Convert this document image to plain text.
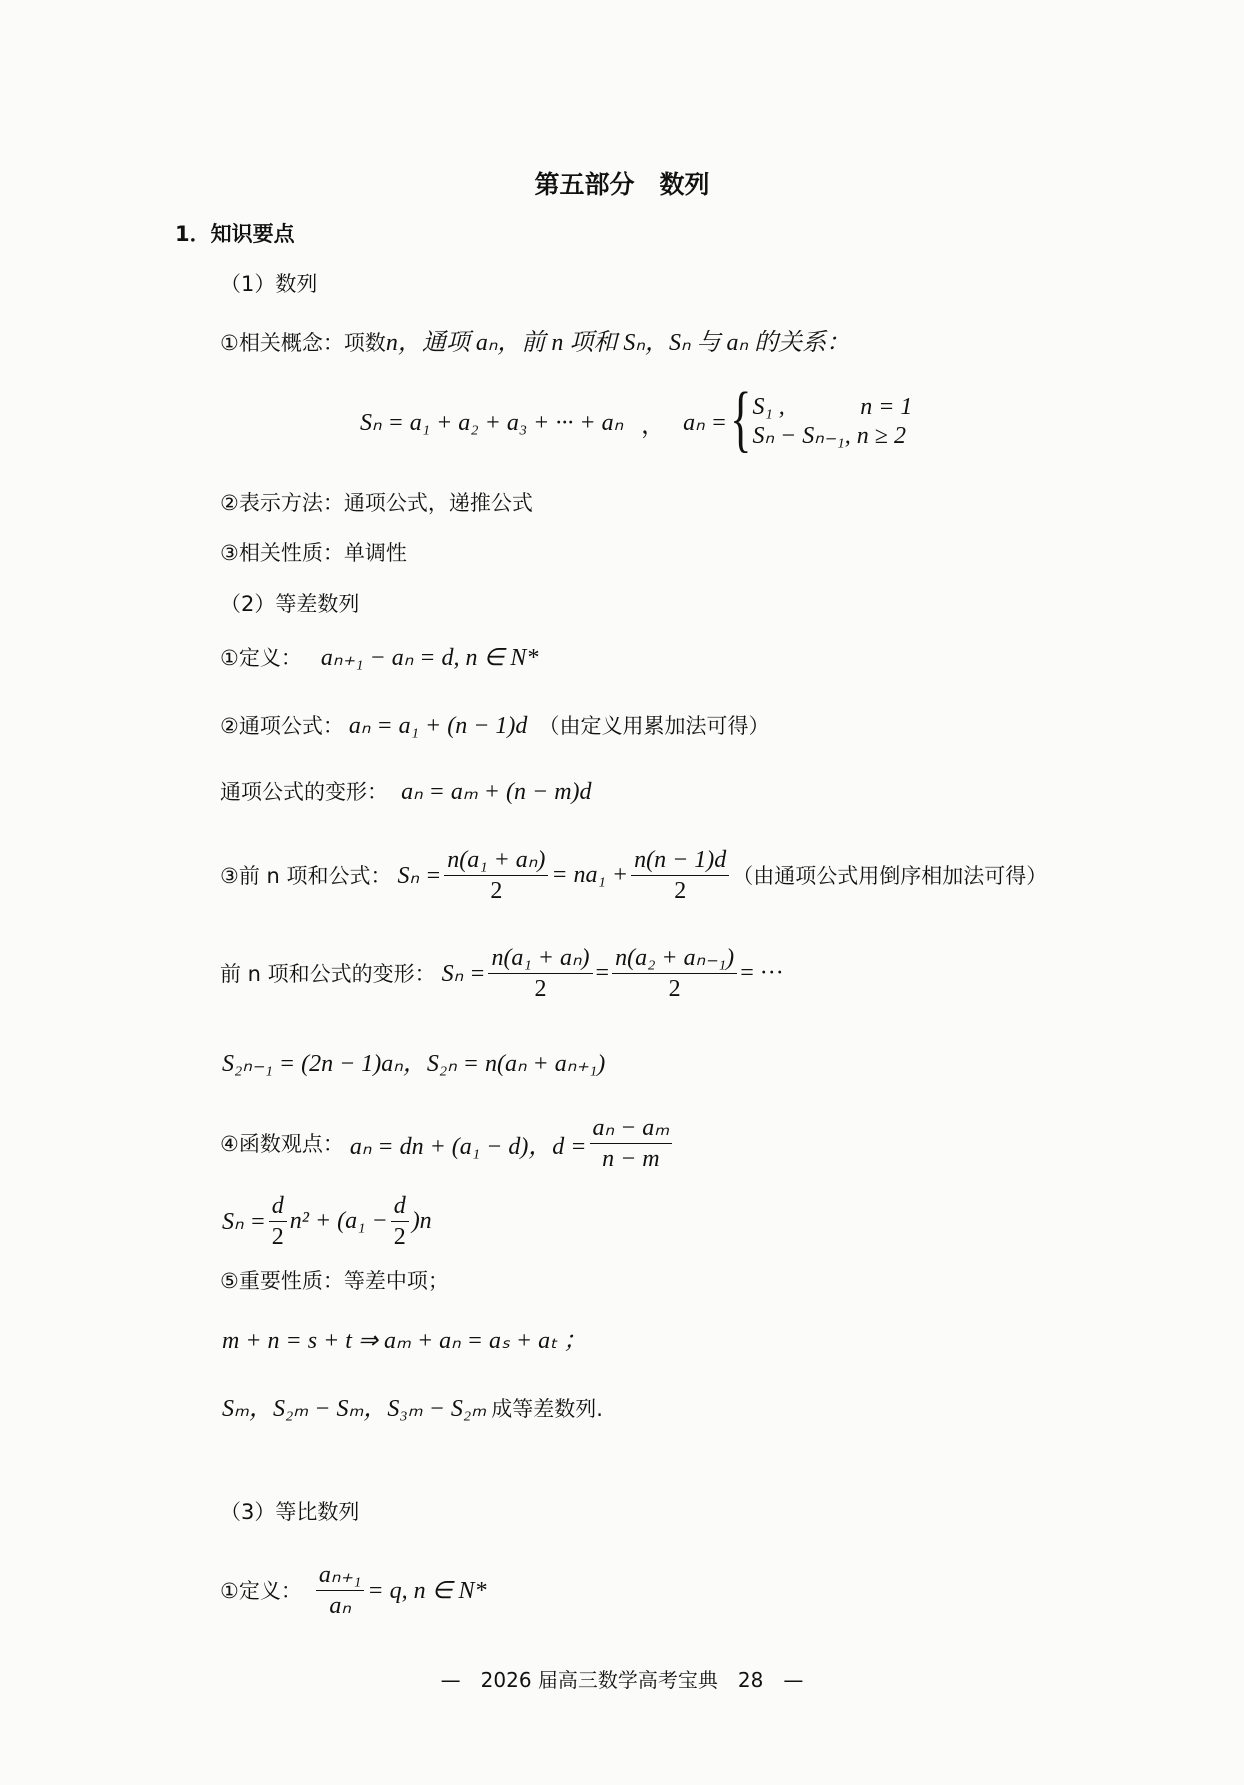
第五部分　数列
1．知识要点
（1）数列
①相关概念：项数n，通项 aₙ，前 n 项和 Sₙ，Sₙ 与 aₙ 的关系：
Sₙ = a₁ + a₂ + a₃ + ··· + aₙ ， aₙ = { S₁ ,	n = 1
Sₙ − Sₙ₋₁, n ≥ 2
②表示方法：通项公式，递推公式
③相关性质：单调性
（2）等差数列
①定义： aₙ₊₁ − aₙ = d, n ∈ N*
②通项公式： aₙ = a₁ + (n − 1)d （由定义用累加法可得）
通项公式的变形： aₙ = aₘ + (n − m)d
③前 n 项和公式： $S_n = \frac{\text{n(a₁ + aₙ)}}{2} = na_1 + \frac{n(n - 1)d}{2}$ （由通项公式用倒序相加法可得）
前 n 项和公式的变形： $S_n = \frac{\text{n(a₁ + aₙ)}}{2} = \frac{\text{n(a₂ + aₙ₋₁)}}{2}$ = ···
S₂ₙ₋₁ = (2n − 1)aₙ，S₂ₙ = n(aₙ + aₙ₊₁)
④函数观点： aₙ = dn + (a₁ − d)，$d = \frac{\text{aₙ − aₘ}}{n - m}$
$S_n = \frac{d}{2} n^2 + (a_1 - \frac{d}{2} )n$
⑤重要性质：等差中项；
m + n = s + t ⇒ aₘ + aₙ = aₛ + aₜ ；
Sₘ，S₂ₘ − Sₘ，S₃ₘ − S₂ₘ 成等差数列.
（3）等比数列
①定义： $\frac{\text{aₙ₊₁}}{\text{aₙ}} = q$, n ∈ N*
—　2026 届高三数学高考宝典　28　—
